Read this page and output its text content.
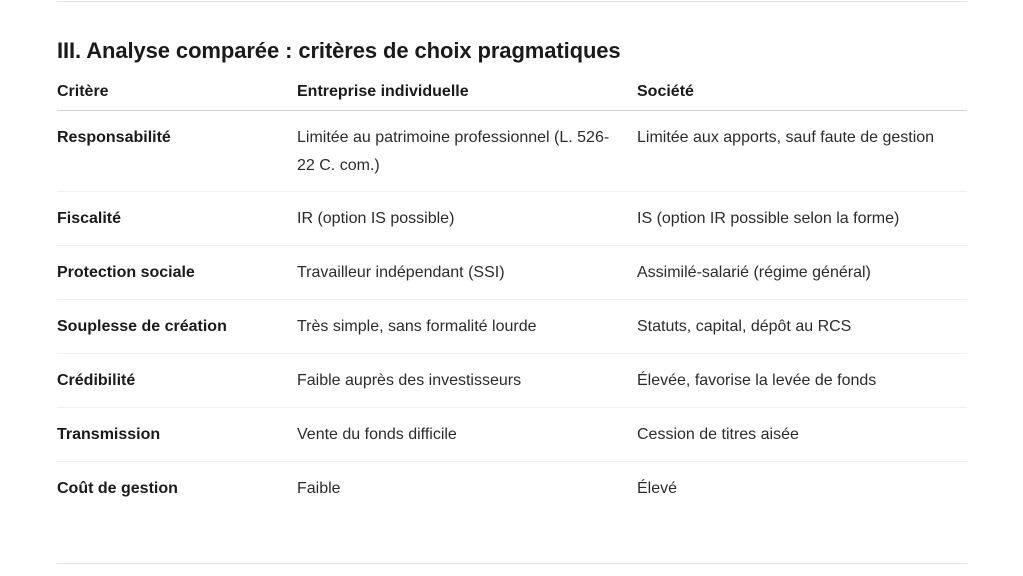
III. Analyse comparée : critères de choix pragmatiques
Critère	Entreprise individuelle	Société
Responsabilité	Limitée au patrimoine professionnel (L. 526-22 C. com.)	Limitée aux apports, sauf faute de gestion
Fiscalité	IR (option IS possible)	IS (option IR possible selon la forme)
Protection sociale	Travailleur indépendant (SSI)	Assimilé-salarié (régime général)
Souplesse de création	Très simple, sans formalité lourde	Statuts, capital, dépôt au RCS
Crédibilité	Faible auprès des investisseurs	Élevée, favorise la levée de fonds
Transmission	Vente du fonds difficile	Cession de titres aisée
Coût de gestion	Faible	Élevé
